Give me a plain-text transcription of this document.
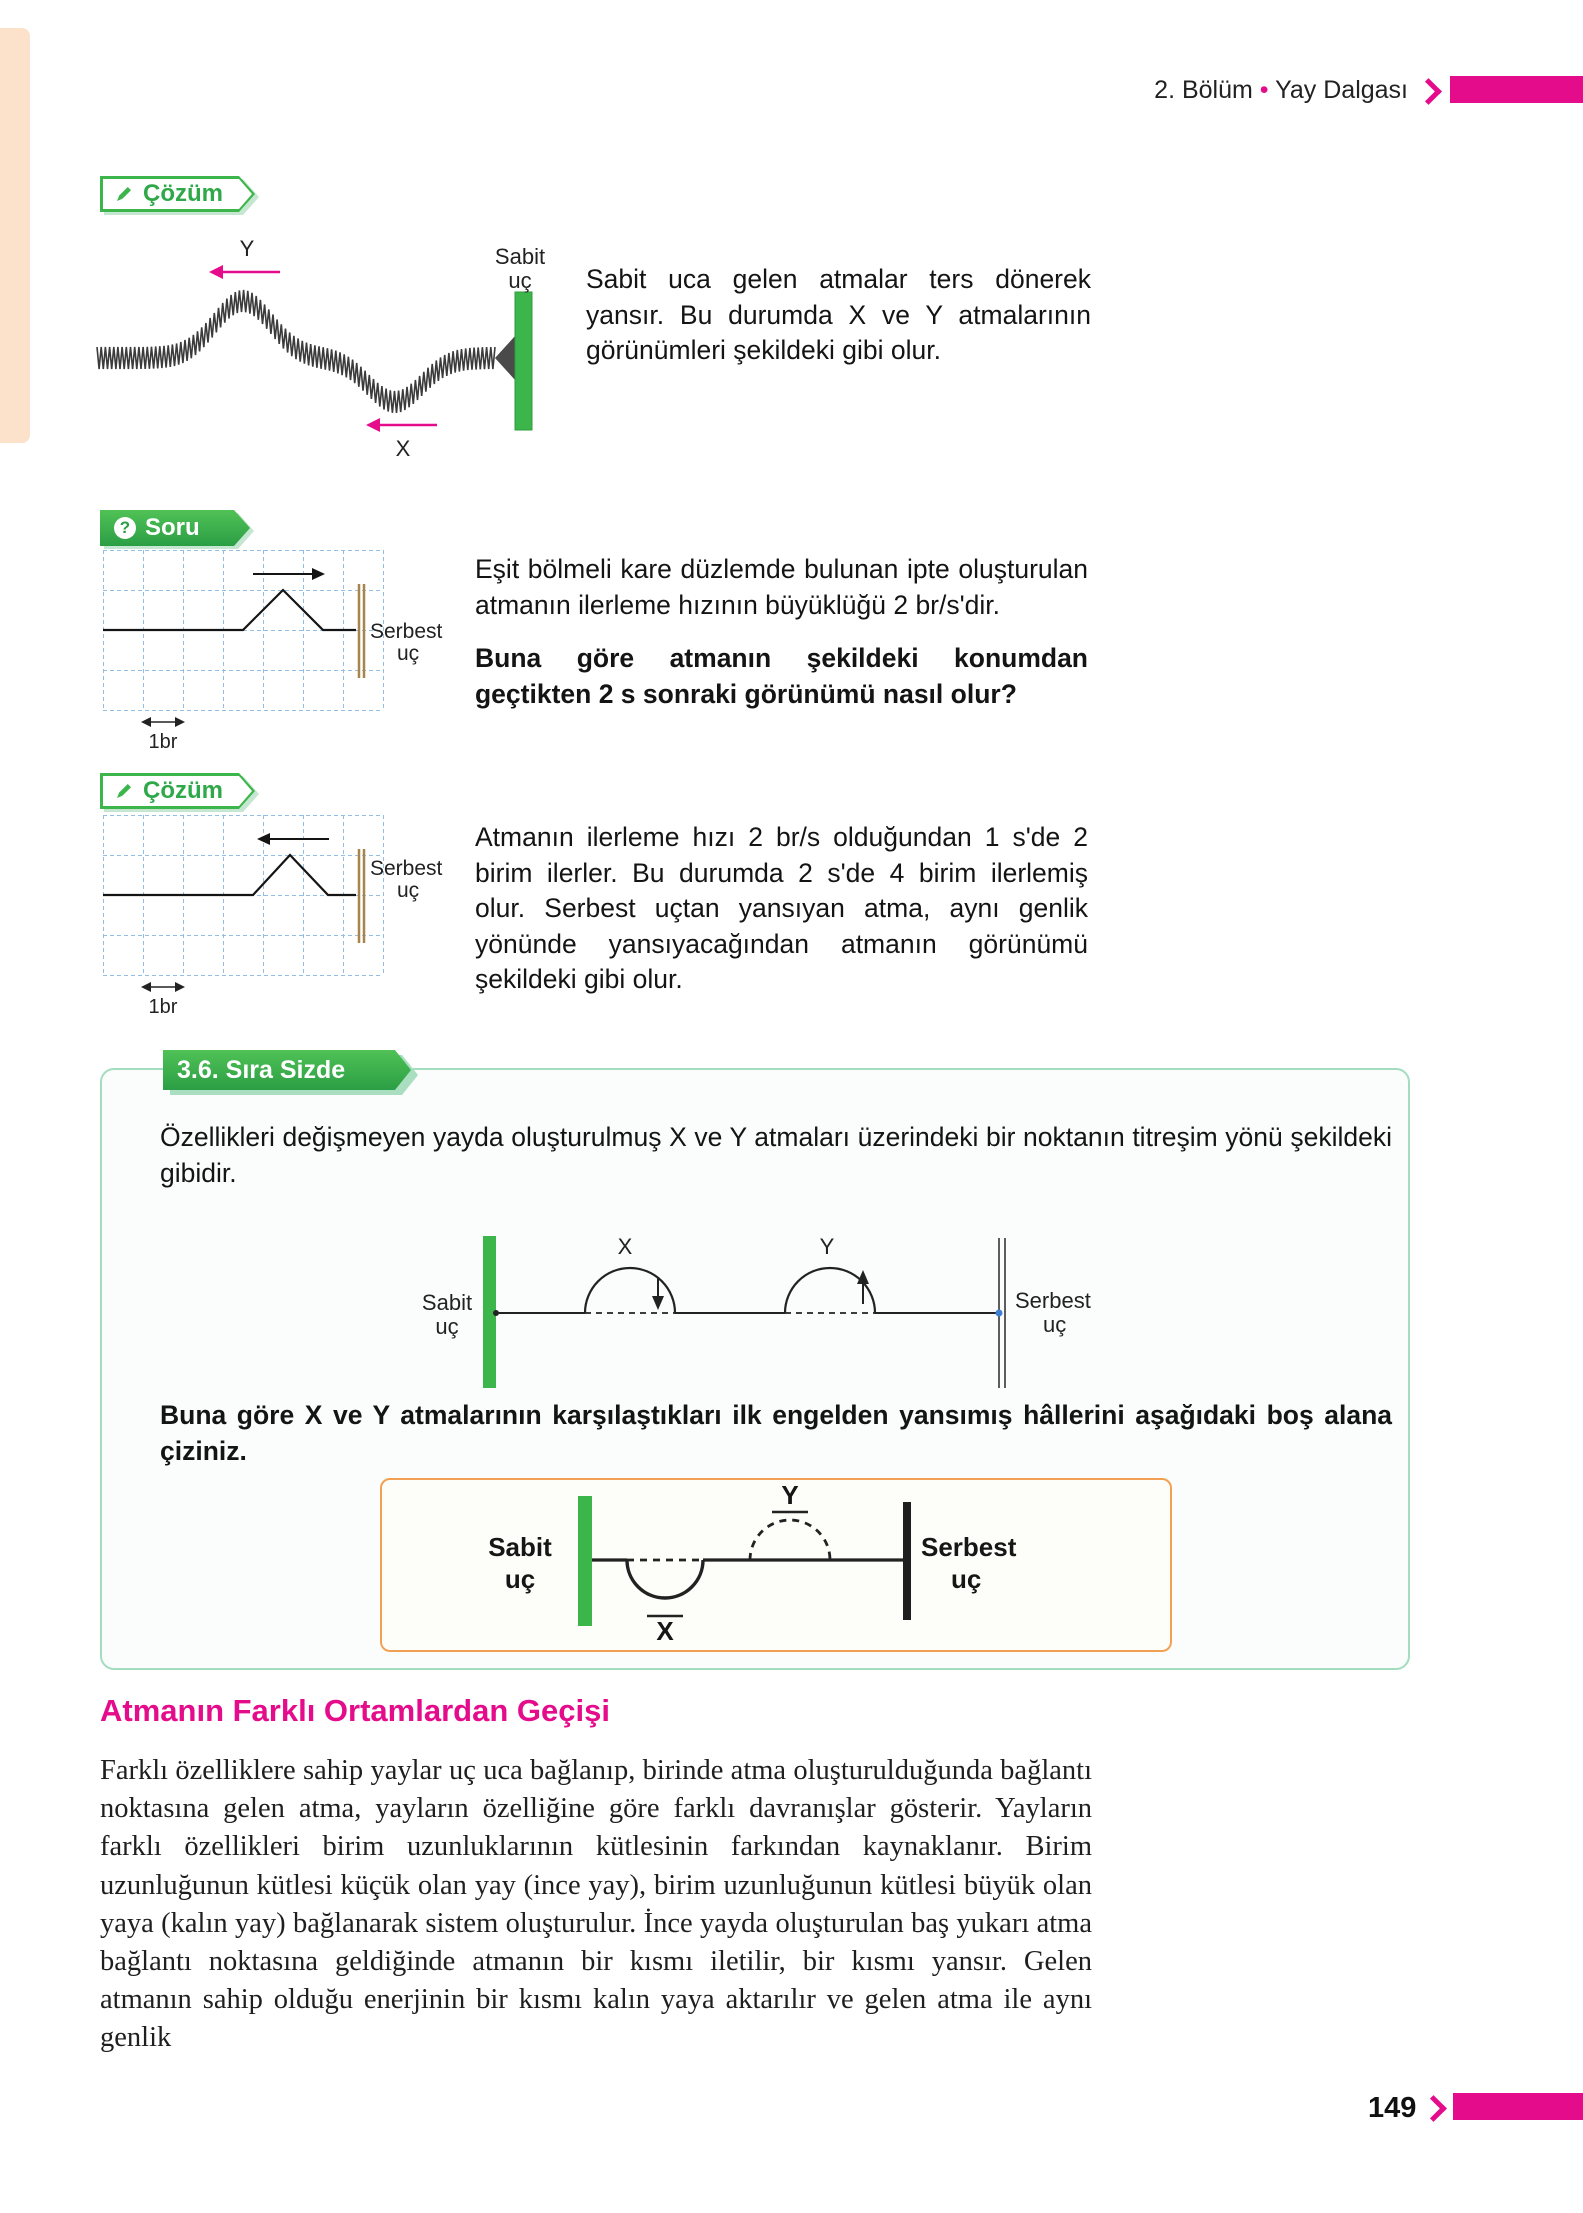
2. Bölüm • Yay Dalgası
Çözüm
Sabit
uç
Y
X
Sabit uca gelen atmalar ters dönerek yansır. Bu durumda X ve Y atmalarının görünümleri şekildeki gibi olur.
? Soru
Serbest
uç
1br
Eşit bölmeli kare düzlemde bulunan ipte oluşturulan atmanın ilerleme hızının büyüklüğü 2 br/s'dir.
Buna göre atmanın şekildeki konumdan geçtikten 2 s sonraki görünümü nasıl olur?
Çözüm
Serbest
uç
1br
Atmanın ilerleme hızı 2 br/s olduğundan 1 s'de 2 birim ilerler. Bu durumda 2 s'de 4 birim ilerlemiş olur. Serbest uçtan yansıyan atma, aynı genlik yönünde yansıyacağından atmanın görünümü şekildeki gibi olur.
3.6. Sıra Sizde
Özellikleri değişmeyen yayda oluşturulmuş X ve Y atmaları üzerindeki bir noktanın titreşim yönü şekildeki gibidir.
Sabit
uç
X	Y
Serbest
uç
Buna göre X ve Y atmalarının karşılaştıkları ilk engelden yansımış hâllerini aşağıdaki boş alana çiziniz.
Sabit
uç
X
Y
Serbest
uç
Atmanın Farklı Ortamlardan Geçişi
Farklı özelliklere sahip yaylar uç uca bağlanıp, birinde atma oluşturulduğunda bağlantı noktasına gelen atma, yayların özelliğine göre farklı davranışlar gösterir. Yayların farklı özellikleri birim uzunluklarının kütlesinin farkından kaynaklanır. Birim uzunluğunun kütlesi küçük olan yay (ince yay), birim uzunluğunun kütlesi büyük olan yaya (kalın yay) bağlanarak sistem oluşturulur. İnce yayda oluşturulan baş yukarı atma bağlantı noktasına geldiğinde atmanın bir kısmı iletilir, bir kısmı yansır. Gelen atmanın sahip olduğu enerjinin bir kısmı kalın yaya aktarılır ve gelen atma ile aynı genlik
149
